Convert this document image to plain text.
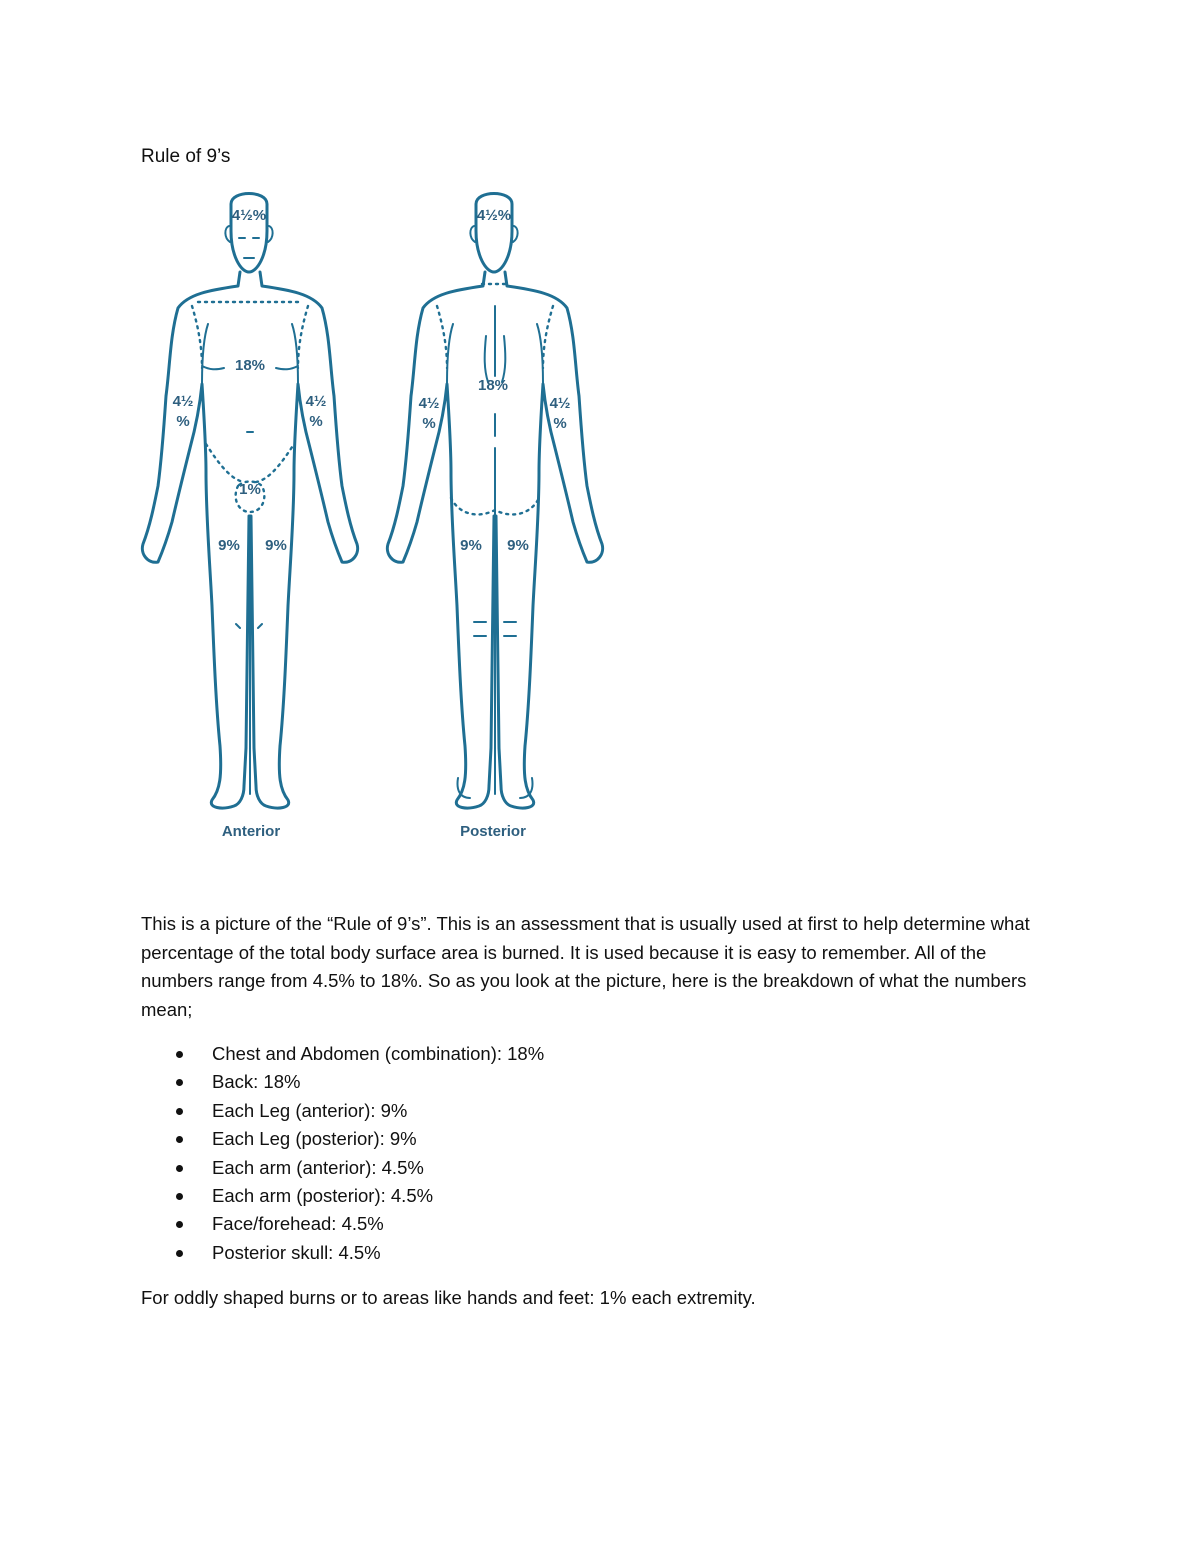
Rule of 9’s
4½%
18%
4½
%
4½
%
1%
9% 9%
Anterior
4½%
18%
4½
%
4½
%
9% 9%
Posterior

This is a picture of the “Rule of 9’s”. This is an assessment that is usually used at first to help determine what percentage of the total body surface area is burned. It is used because it is easy to remember. All of the numbers range from 4.5% to 18%. So as you look at the picture, here is the breakdown of what the numbers mean;

Chest and Abdomen (combination): 18%
Back: 18%
Each Leg (anterior): 9%
Each Leg (posterior): 9%
Each arm (anterior): 4.5%
Each arm (posterior): 4.5%
Face/forehead: 4.5%
Posterior skull: 4.5%

For oddly shaped burns or to areas like hands and feet: 1% each extremity.
